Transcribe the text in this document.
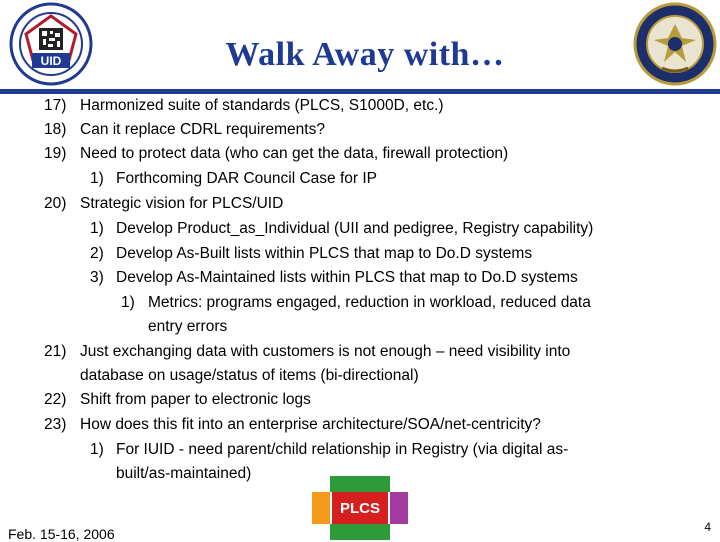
UID	Walk Away with…
17) Harmonized suite of standards (PLCS, S1000D, etc.)
18) Can it replace CDRL requirements?
19) Need to protect data (who can get the data, firewall protection)
1) Forthcoming DAR Council Case for IP
20) Strategic vision for PLCS/UID
1) Develop Product_as_Individual (UII and pedigree, Registry capability)
2) Develop As-Built lists within PLCS that map to Do.D systems
3) Develop As-Maintained lists within PLCS that map to Do.D systems
1) Metrics: programs engaged, reduction in workload, reduced data
entry errors
21) Just exchanging data with customers is not enough – need visibility into
database on usage/status of items (bi-directional)
22) Shift from paper to electronic logs
23) How does this fit into an enterprise architecture/SOA/net-centricity?
1) For IUID - need parent/child relationship in Registry (via digital as-
built/as-maintained)
PLCS
Feb. 15-16, 2006	4
